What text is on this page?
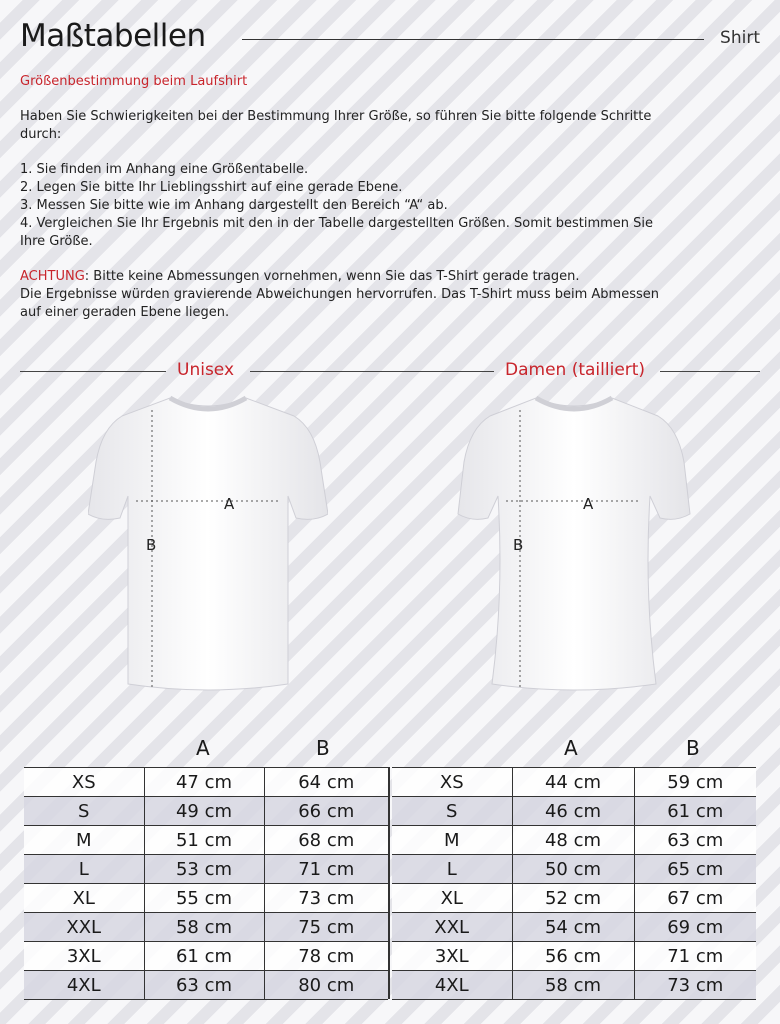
Maßtabellen	Shirt
Größenbestimmung beim Laufshirt

Haben Sie Schwierigkeiten bei der Bestimmung Ihrer Größe, so führen Sie bitte folgende Schritte

durch:

1. Sie finden im Anhang eine Größentabelle.

2. Legen Sie bitte Ihr Lieblingsshirt auf eine gerade Ebene.

3. Messen Sie bitte wie im Anhang dargestellt den Bereich “A“ ab.

4. Vergleichen Sie Ihr Ergebnis mit den in der Tabelle dargestellten Größen. Somit bestimmen Sie

Ihre Größe.

ACHTUNG: Bitte keine Abmessungen vornehmen, wenn Sie das T-Shirt gerade tragen.

Die Ergebnisse würden gravierende Abweichungen hervorrufen. Das T-Shirt muss beim Abmessen

auf einer geraden Ebene liegen.

Unisex	Damen (tailliert)
A
B
A
B
A	B	A	B
XS	47 cm	64 cm
S	49 cm	66 cm
M	51 cm	68 cm
L	53 cm	71 cm
XL	55 cm	73 cm
XXL	58 cm	75 cm
3XL	61 cm	78 cm
4XL	63 cm	80 cm
XS	44 cm	59 cm
S	46 cm	61 cm
M	48 cm	63 cm
L	50 cm	65 cm
XL	52 cm	67 cm
XXL	54 cm	69 cm
3XL	56 cm	71 cm
4XL	58 cm	73 cm
